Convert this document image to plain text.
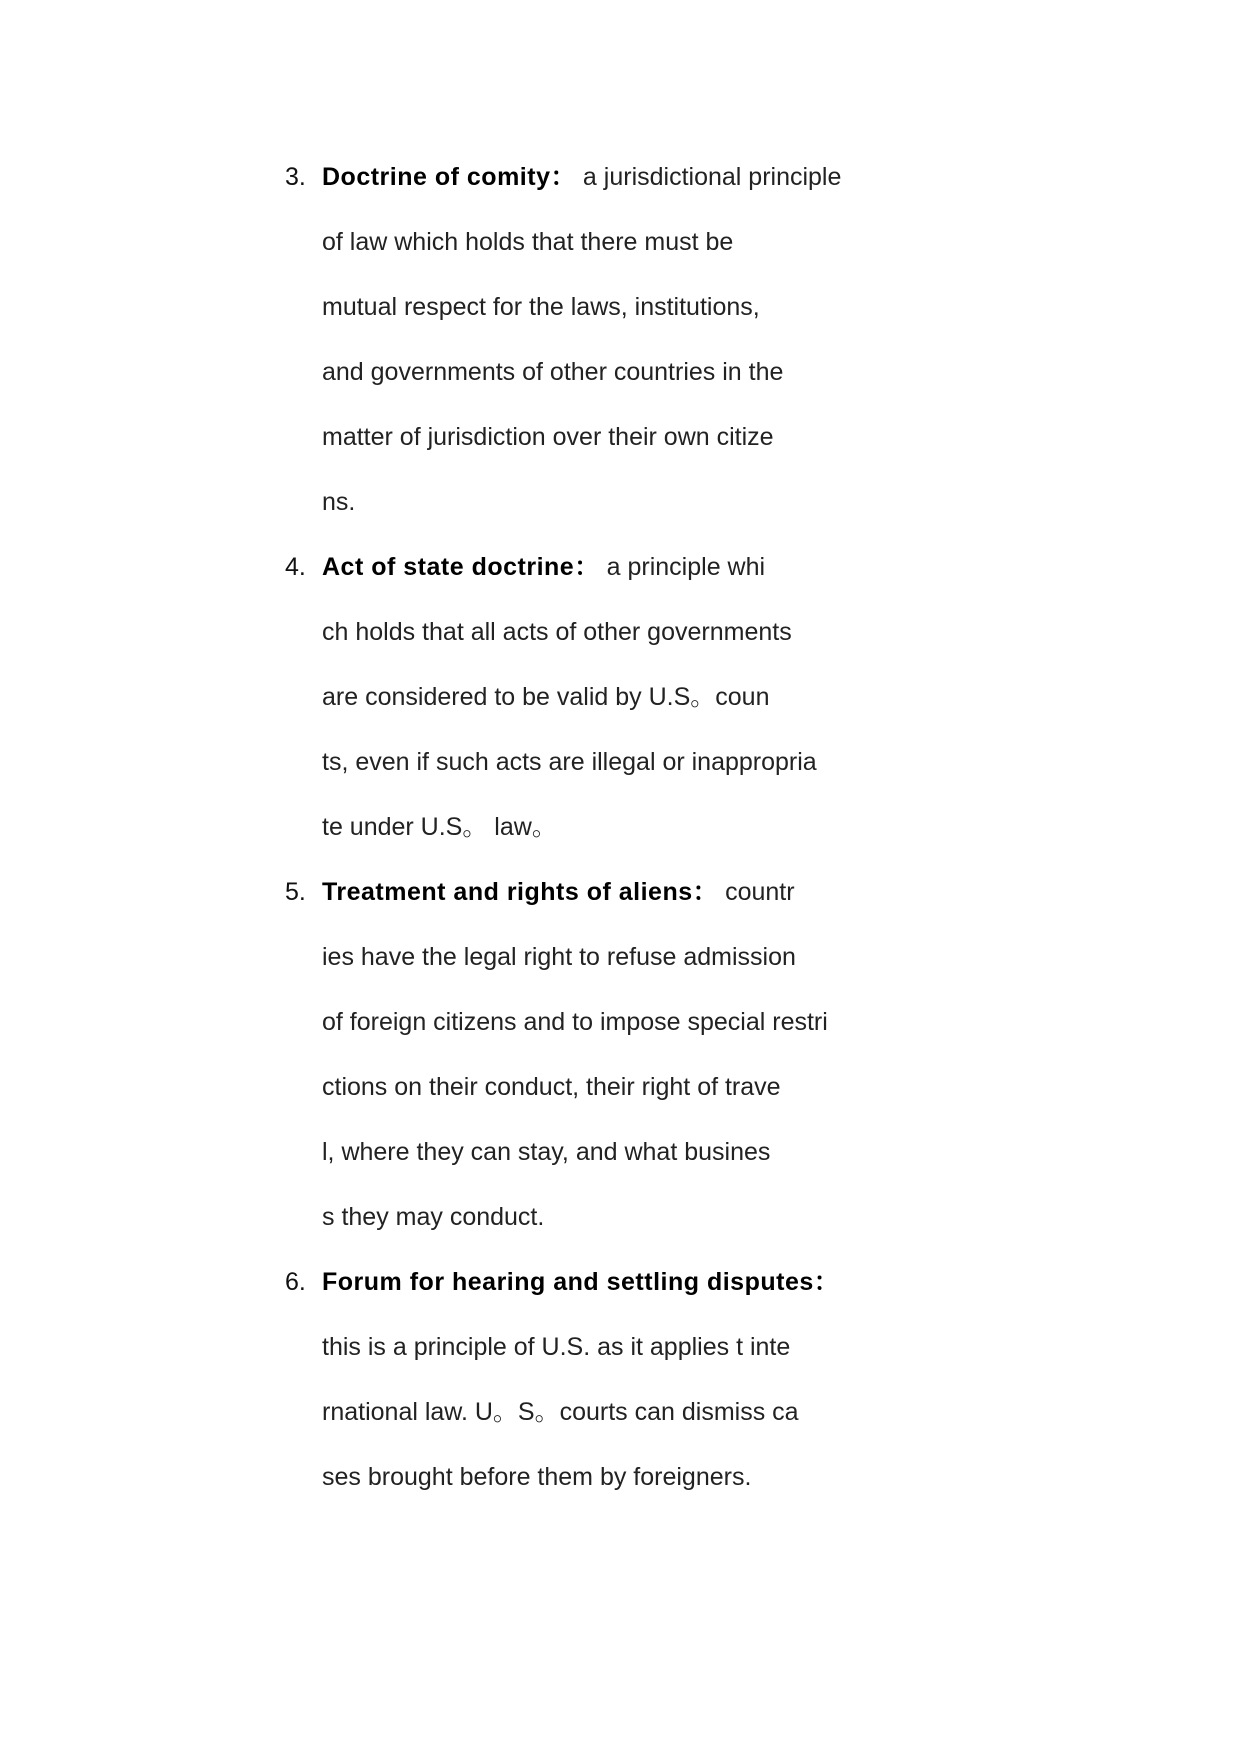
3. Doctrine of comity： a jurisdictional principle
of law which holds that there must be
mutual respect for the laws, institutions,
and governments of other countries in the
matter of jurisdiction over their own citize
ns.
4. Act of state doctrine： a principle whi
ch holds that all acts of other governments
are considered to be valid by U.S。coun
ts, even if such acts are illegal or inappropria
te under U.S。 law。
5. Treatment and rights of aliens： countr
ies have the legal right to refuse admission
of foreign citizens and to impose special restri
ctions on their conduct, their right of trave
l, where they can stay, and what busines
s they may conduct.
6. Forum for hearing and settling disputes：
this is a principle of U.S. as it applies t inte
rnational law. U。S。courts can dismiss ca
ses brought before them by foreigners.
